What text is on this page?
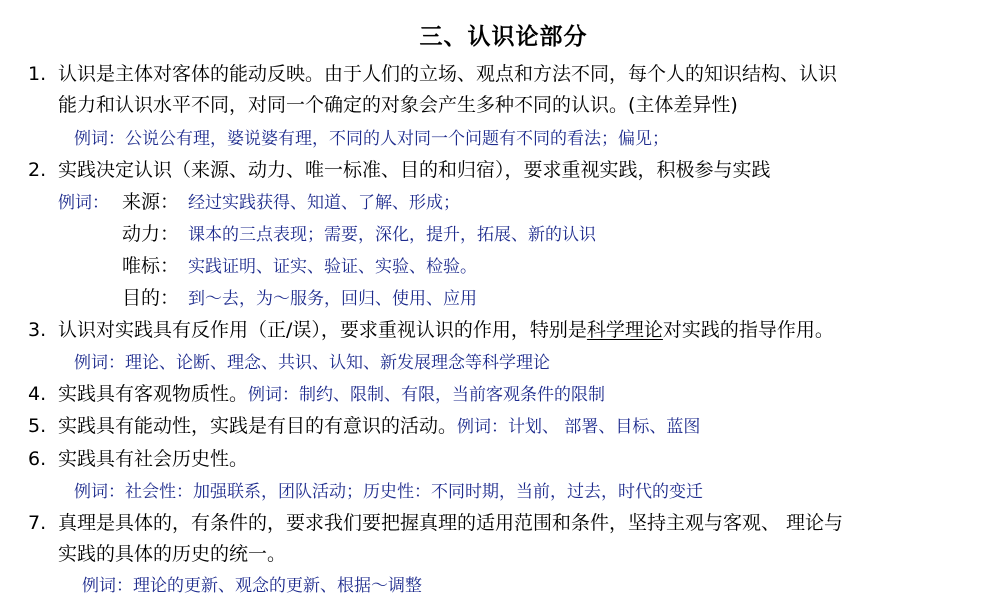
三、认识论部分
1. 认识是主体对客体的能动反映。由于人们的立场、观点和方法不同，每个人的知识结构、认识
能力和认识水平不同，对同一个确定的对象会产生多种不同的认识。(主体差异性)
例词：公说公有理，婆说婆有理，不同的人对同一个问题有不同的看法；偏见；
2. 实践决定认识（来源、动力、唯一标准、目的和归宿），要求重视实践，积极参与实践
例词： 来源： 经过实践获得、知道、了解、形成；
动力： 课本的三点表现；需要，深化，提升，拓展、新的认识
唯标： 实践证明、证实、验证、实验、检验。
目的： 到～去，为～服务，回归、使用、应用
3. 认识对实践具有反作用（正/误），要求重视认识的作用，特别是科学理论对实践的指导作用。
例词：理论、论断、理念、共识、认知、新发展理念等科学理论
4. 实践具有客观物质性。例词：制约、限制、有限，当前客观条件的限制
5. 实践具有能动性，实践是有目的有意识的活动。例词：计划、 部署、目标、蓝图
6. 实践具有社会历史性。
例词：社会性：加强联系，团队活动；历史性：不同时期，当前，过去，时代的变迁
7. 真理是具体的，有条件的，要求我们要把握真理的适用范围和条件，坚持主观与客观、 理论与
实践的具体的历史的统一。
例词：理论的更新、观念的更新、根据～调整
